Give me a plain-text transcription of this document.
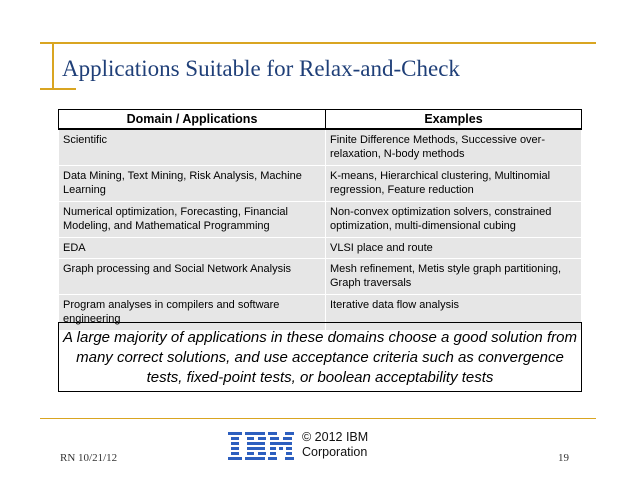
Applications Suitable for Relax-and-Check
Domain / Applications	Examples
Scientific	Finite Difference Methods, Successive over-relaxation, N-body methods
Data Mining, Text Mining, Risk Analysis, Machine Learning	K-means, Hierarchical clustering, Multinomial regression, Feature reduction
Numerical optimization, Forecasting, Financial Modeling, and Mathematical Programming	Non-convex optimization solvers, constrained optimization, multi-dimensional cubing
EDA	VLSI place and route
Graph processing and Social Network Analysis	Mesh refinement, Metis style graph partitioning, Graph traversals
Program analyses in compilers and software engineering	Iterative data flow analysis
A large majority of applications in these domains choose a good solution from many correct solutions, and use acceptance criteria such as convergence tests, fixed-point tests, or boolean acceptability tests
RN 10/21/12
© 2012 IBM
Corporation	19
